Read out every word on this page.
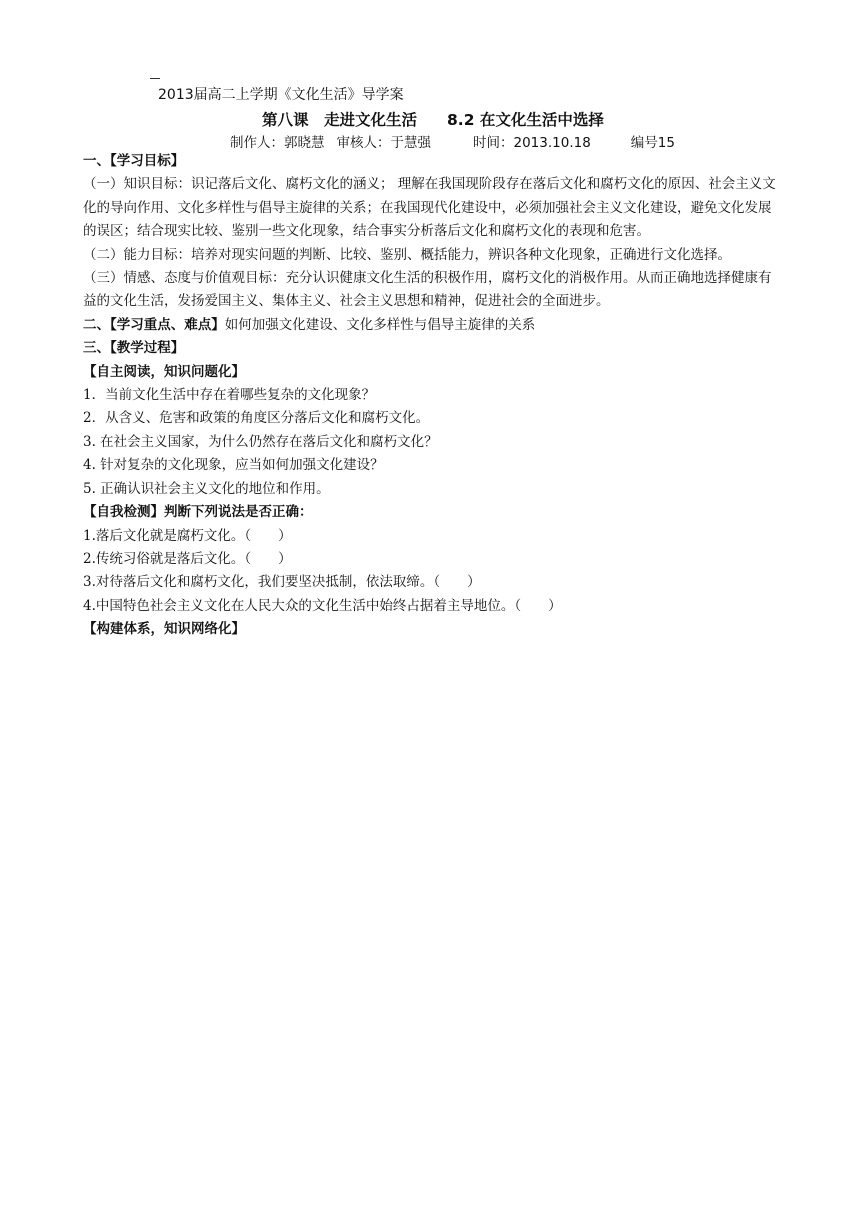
2013届高二上学期《文化生活》导学案
第八课　走进文化生活 8.2 在文化生活中选择
制作人：郭晓慧 审核人：于慧强	时间：2013.10.18	编号15

一、【学习目标】

（一）知识目标：识记落后文化、腐朽文化的涵义； 理解在我国现阶段存在落后文化和腐朽文化的原因、社会主义文化的导向作用、文化多样性与倡导主旋律的关系；在我国现代化建设中，必须加强社会主义文化建设，避免文化发展的误区；结合现实比较、鉴别一些文化现象，结合事实分析落后文化和腐朽文化的表现和危害。

（二）能力目标：培养对现实问题的判断、比较、鉴别、概括能力，辨识各种文化现象，正确进行文化选择。

（三）情感、态度与价值观目标：充分认识健康文化生活的积极作用，腐朽文化的消极作用。从而正确地选择健康有益的文化生活，发扬爱国主义、集体主义、社会主义思想和精神，促进社会的全面进步。

二、【学习重点、难点】如何加强文化建设、文化多样性与倡导主旋律的关系

三、【教学过程】

【自主阅读，知识问题化】

1．当前文化生活中存在着哪些复杂的文化现象？

2．从含义、危害和政策的角度区分落后文化和腐朽文化。

3. 在社会主义国家，为什么仍然存在落后文化和腐朽文化？

4. 针对复杂的文化现象，应当如何加强文化建设？

5. 正确认识社会主义文化的地位和作用。

【自我检测】判断下列说法是否正确：

1.落后文化就是腐朽文化。（　　）

2.传统习俗就是落后文化。（　　）

3.对待落后文化和腐朽文化，我们要坚决抵制，依法取缔。（　　）

4.中国特色社会主义文化在人民大众的文化生活中始终占据着主导地位。（　　）

【构建体系，知识网络化】
